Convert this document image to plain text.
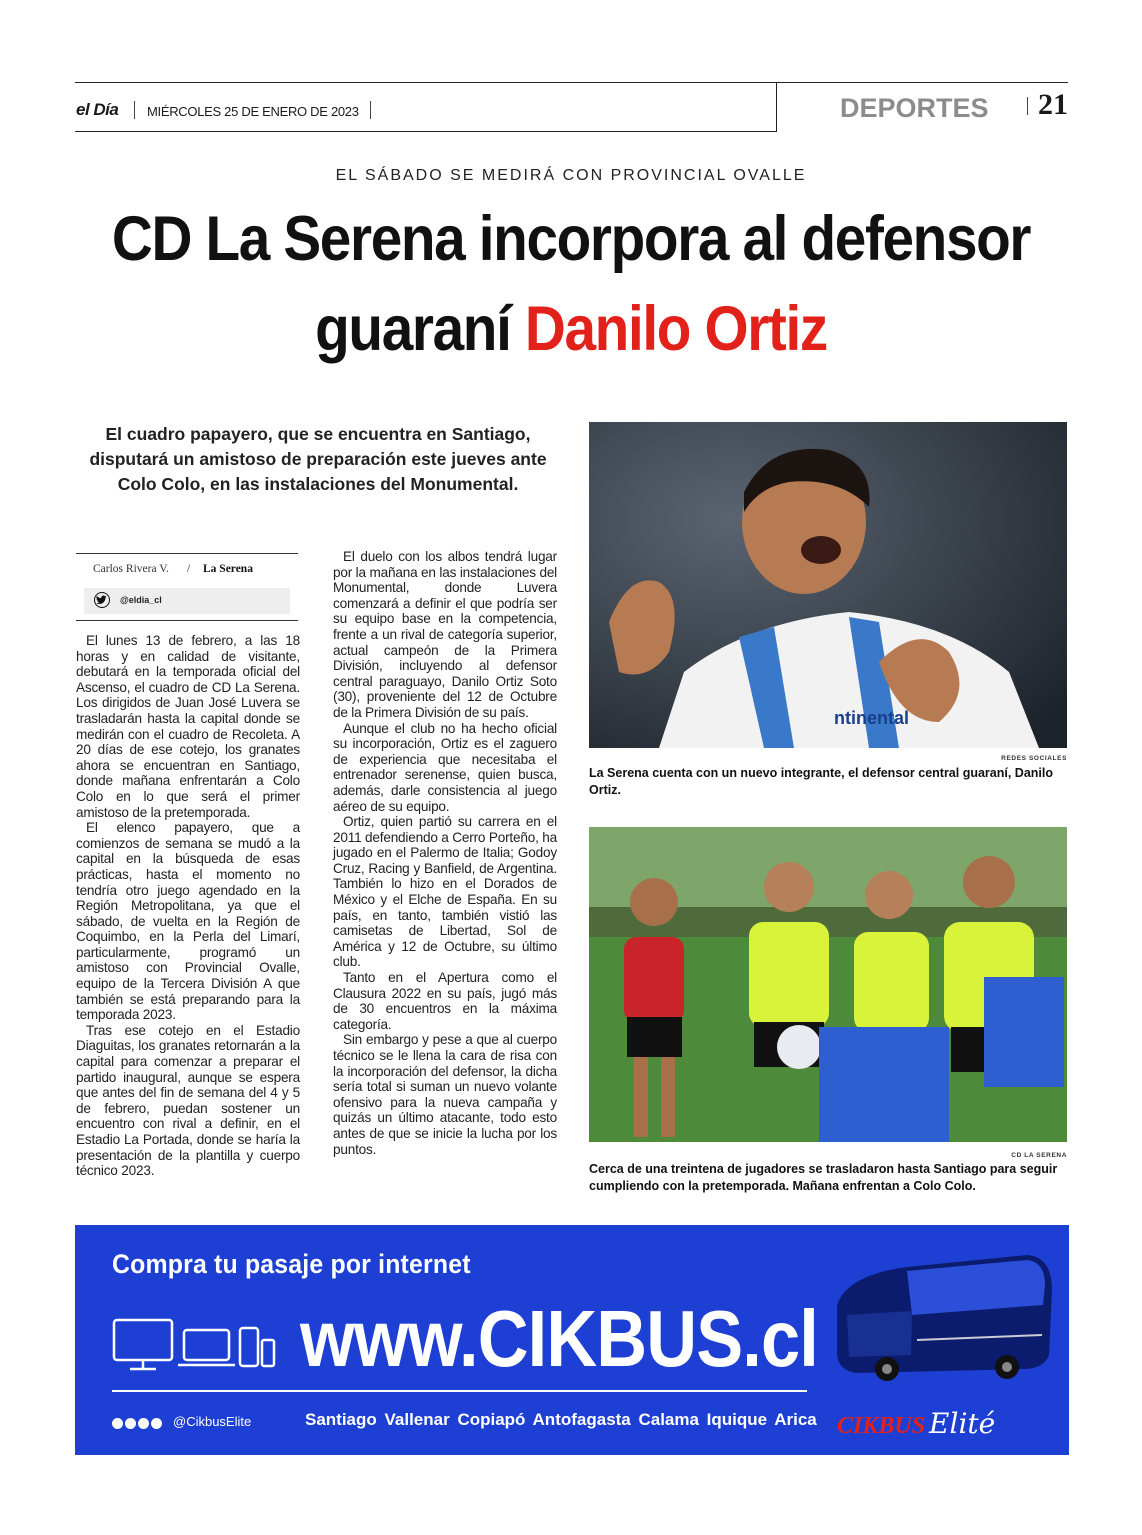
el Día MIÉRCOLES 25 DE ENERO DE 2023	DEPORTES 21
EL SÁBADO SE MEDIRÁ CON PROVINCIAL OVALLE
CD La Serena incorpora al defensor guaraní Danilo Ortiz
El cuadro papayero, que se encuentra en Santiago, disputará un amistoso de preparación este jueves ante Colo Colo, en las instalaciones del Monumental.
Carlos Rivera V. / La Serena
@eldia_cl

El lunes 13 de febrero, a las 18 horas y en calidad de visitante, debutará en la temporada oficial del Ascenso, el cuadro de CD La Serena. Los dirigidos de Juan José Luvera se trasladarán hasta la capital donde se medirán con el cuadro de Recoleta. A 20 días de ese cotejo, los granates ahora se encuentran en Santiago, donde mañana enfrentarán a Colo Colo en lo que será el primer amistoso de la pretemporada.

El elenco papayero, que a comienzos de semana se mudó a la capital en la búsqueda de esas prácticas, hasta el momento no tendría otro juego agendado en la Región Metropolitana, ya que el sábado, de vuelta en la Región de Coquimbo, en la Perla del Limarí, particularmente, programó un amistoso con Provincial Ovalle, equipo de la Tercera División A que también se está preparando para la temporada 2023.

Tras ese cotejo en el Estadio Diaguitas, los granates retornarán a la capital para comenzar a preparar el partido inaugural, aunque se espera que antes del fin de semana del 4 y 5 de febrero, puedan sostener un encuentro con rival a definir, en el Estadio La Portada, donde se haría la presentación de la plantilla y cuerpo técnico 2023.

El duelo con los albos tendrá lugar por la mañana en las instalaciones del Monumental, donde Luvera comenzará a definir el que podría ser su equipo base en la competencia, frente a un rival de categoría superior, actual campeón de la Primera División, incluyendo al defensor central paraguayo, Danilo Ortiz Soto (30), proveniente del 12 de Octubre de la Primera División de su país.

Aunque el club no ha hecho oficial su incorporación, Ortiz es el zaguero de experiencia que necesitaba el entrenador serenense, quien busca, además, darle consistencia al juego aéreo de su equipo.

Ortiz, quien partió su carrera en el 2011 defendiendo a Cerro Porteño, ha jugado en el Palermo de Italia; Godoy Cruz, Racing y Banfield, de Argentina. También lo hizo en el Dorados de México y el Elche de España. En su país, en tanto, también vistió las camisetas de Libertad, Sol de América y 12 de Octubre, su último club.

Tanto en el Apertura como el Clausura 2022 en su país, jugó más de 30 encuentros en la máxima categoría.

Sin embargo y pese a que al cuerpo técnico se le llena la cara de risa con la incorporación del defensor, la dicha sería total si suman un nuevo volante ofensivo para la nueva campaña y quizás un último atacante, todo esto antes de que se inicie la lucha por los puntos.

ntinental
REDES SOCIALES
La Serena cuenta con un nuevo integrante, el defensor central guaraní, Danilo Ortiz.
CD LA SERENA
Cerca de una treintena de jugadores se trasladaron hasta Santiago para seguir cumpliendo con la pretemporada. Mañana enfrentan a Colo Colo.
Compra tu pasaje por internet
www.CIKBUS.cl
@CikbusElite	Santiago Vallenar Copiapó Antofagasta Calama Iquique Arica CIKBUS Elité
